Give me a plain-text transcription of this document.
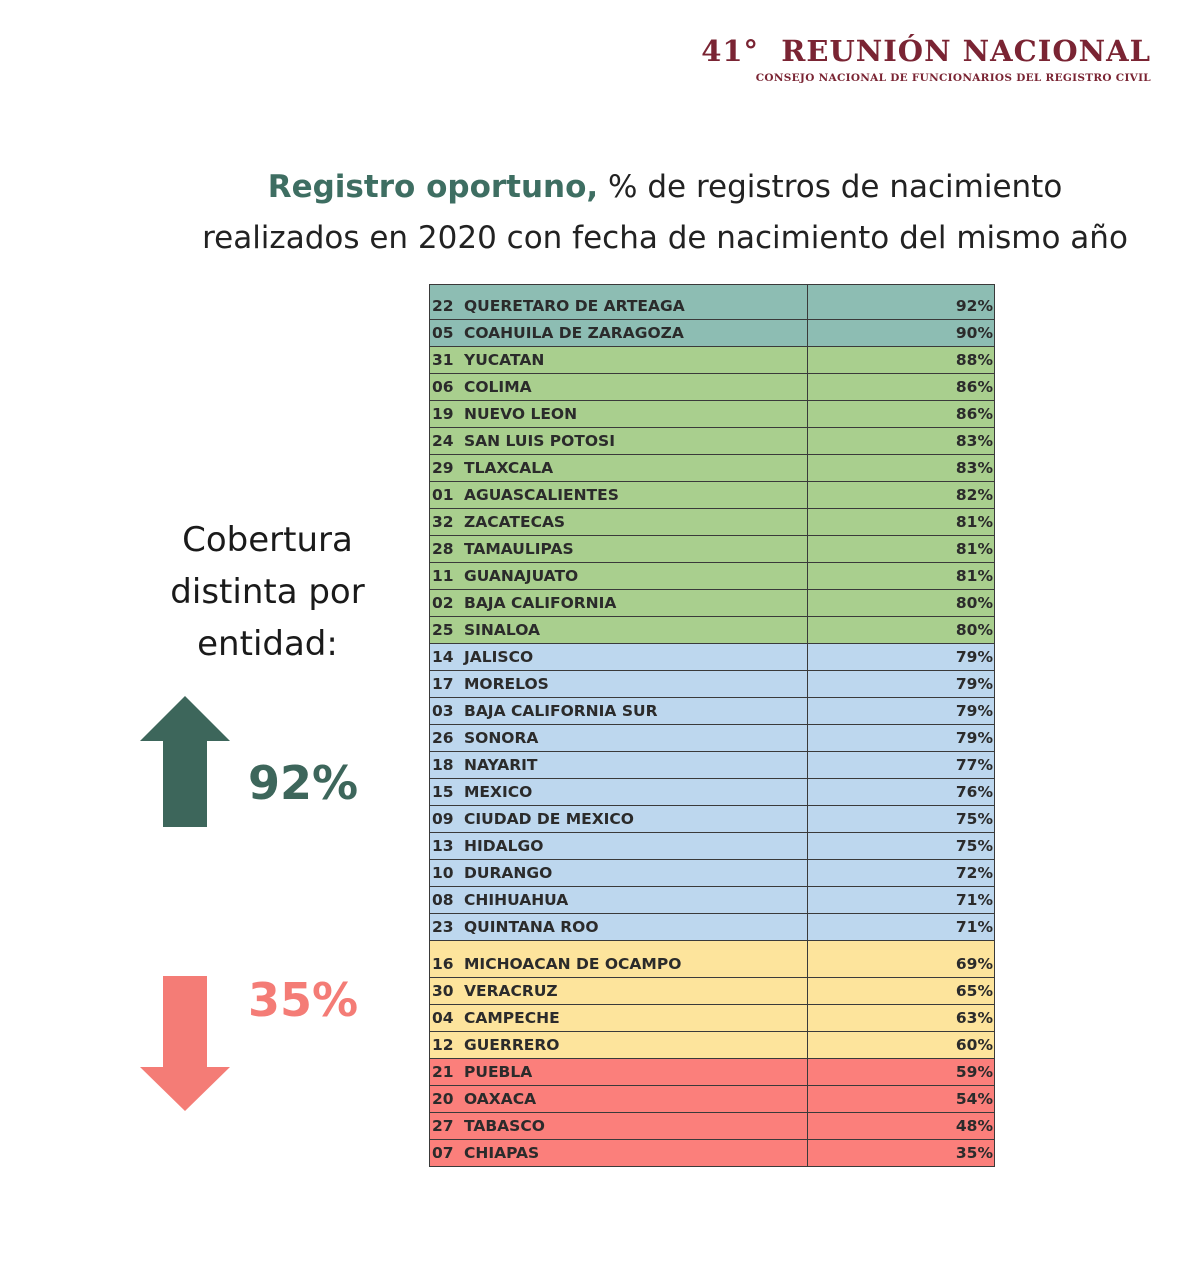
41°  REUNIÓN NACIONAL
CONSEJO NACIONAL DE FUNCIONARIOS DEL REGISTRO CIVIL
Registro oportuno, % de registros de nacimiento
realizados en 2020 con fecha de nacimiento del mismo año
Cobertura
distinta por
entidad:
92%
35%
22 QUERETARO DE ARTEAGA	92%
05 COAHUILA DE ZARAGOZA	90%
31 YUCATAN	88%
06 COLIMA	86%
19 NUEVO LEON	86%
24 SAN LUIS POTOSI	83%
29 TLAXCALA	83%
01 AGUASCALIENTES	82%
32 ZACATECAS	81%
28 TAMAULIPAS	81%
11 GUANAJUATO	81%
02 BAJA CALIFORNIA	80%
25 SINALOA	80%
14 JALISCO	79%
17 MORELOS	79%
03 BAJA CALIFORNIA SUR	79%
26 SONORA	79%
18 NAYARIT	77%
15 MEXICO	76%
09 CIUDAD DE MEXICO	75%
13 HIDALGO	75%
10 DURANGO	72%
08 CHIHUAHUA	71%
23 QUINTANA ROO	71%
16 MICHOACAN DE OCAMPO	69%
30 VERACRUZ	65%
04 CAMPECHE	63%
12 GUERRERO	60%
21 PUEBLA	59%
20 OAXACA	54%
27 TABASCO	48%
07 CHIAPAS	35%
